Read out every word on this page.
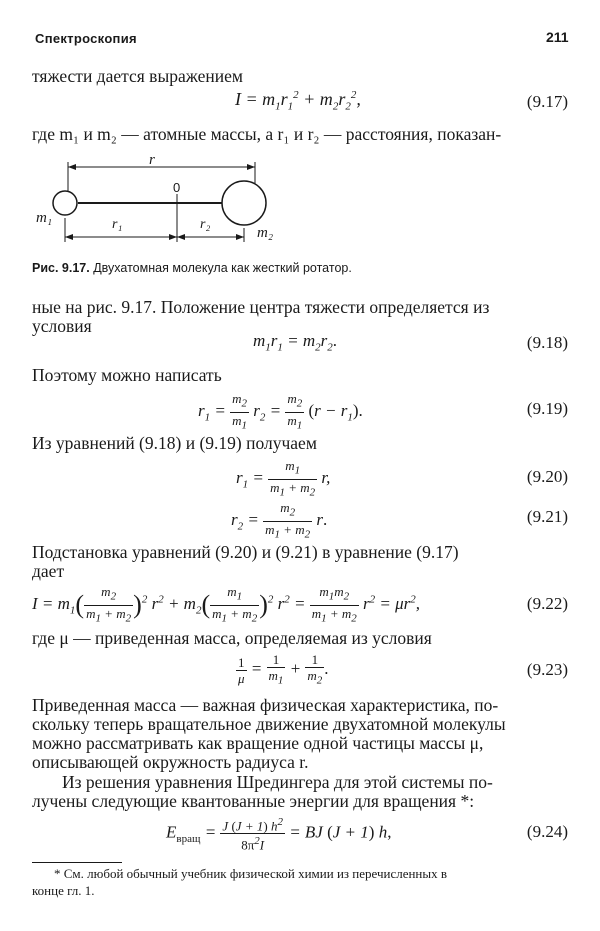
Спектроскопия	211
тяжести дается выражением
$I = m_1r_1^2 + m_2r_2^2$,	(9.17)
где m₁ и m₂ — атомные массы, а r₁ и r₂ — расстояния, показан-
r
0
m₁	r₁	r₂
m₂
Рис. 9.17. Двухатомная молекула как жесткий ротатор.
ные на рис. 9.17. Положение центра тяжести определяется из
условия
$m_1r_1 = m_2r_2$.	(9.18)
Поэтому можно написать
$r_1 = \frac{m_2}{m_1} r_2 = \frac{m_2}{m_1} (r - r_1)$.	(9.19)
Из уравнений (9.18) и (9.19) получаем
$r_1 = \frac{m_1}{m_1 + m_2} r$,	(9.20)
$r_2 = \frac{m_2}{m_1 + m_2} r$.	(9.21)
Подстановка уравнений (9.20) и (9.21) в уравнение (9.17)
дает
$I = m_1( \frac{m_2}{m_1 + m_2} )^2$ $r^2 + m_2( \frac{m_1}{m_1 + m_2} )^2$ $r^2 = \frac{m_1m_2}{m_1 + m_2} r^2 = \mu r^2$,	(9.22)
где μ — приведенная масса, определяемая из условия
$\frac{1}{\mu} = \frac{1}{m_1} + \frac{1}{m_2}$ .	(9.23)
Приведенная масса — важная физическая характеристика, по-
скольку теперь вращательное движение двухатомной молекулы
можно рассматривать как вращение одной частицы массы μ,
описывающей окружность радиуса r.
Из решения уравнения Шредингера для этой системы по-
лучены следующие квантованные энергии для вращения *:
$E_{вращ} = \frac{J (J + 1) h^2}{8\pi^2I}$ = BJ (J + 1) h,	(9.24)
* См. любой обычный учебник физической химии из перечисленных в
конце гл. 1.
